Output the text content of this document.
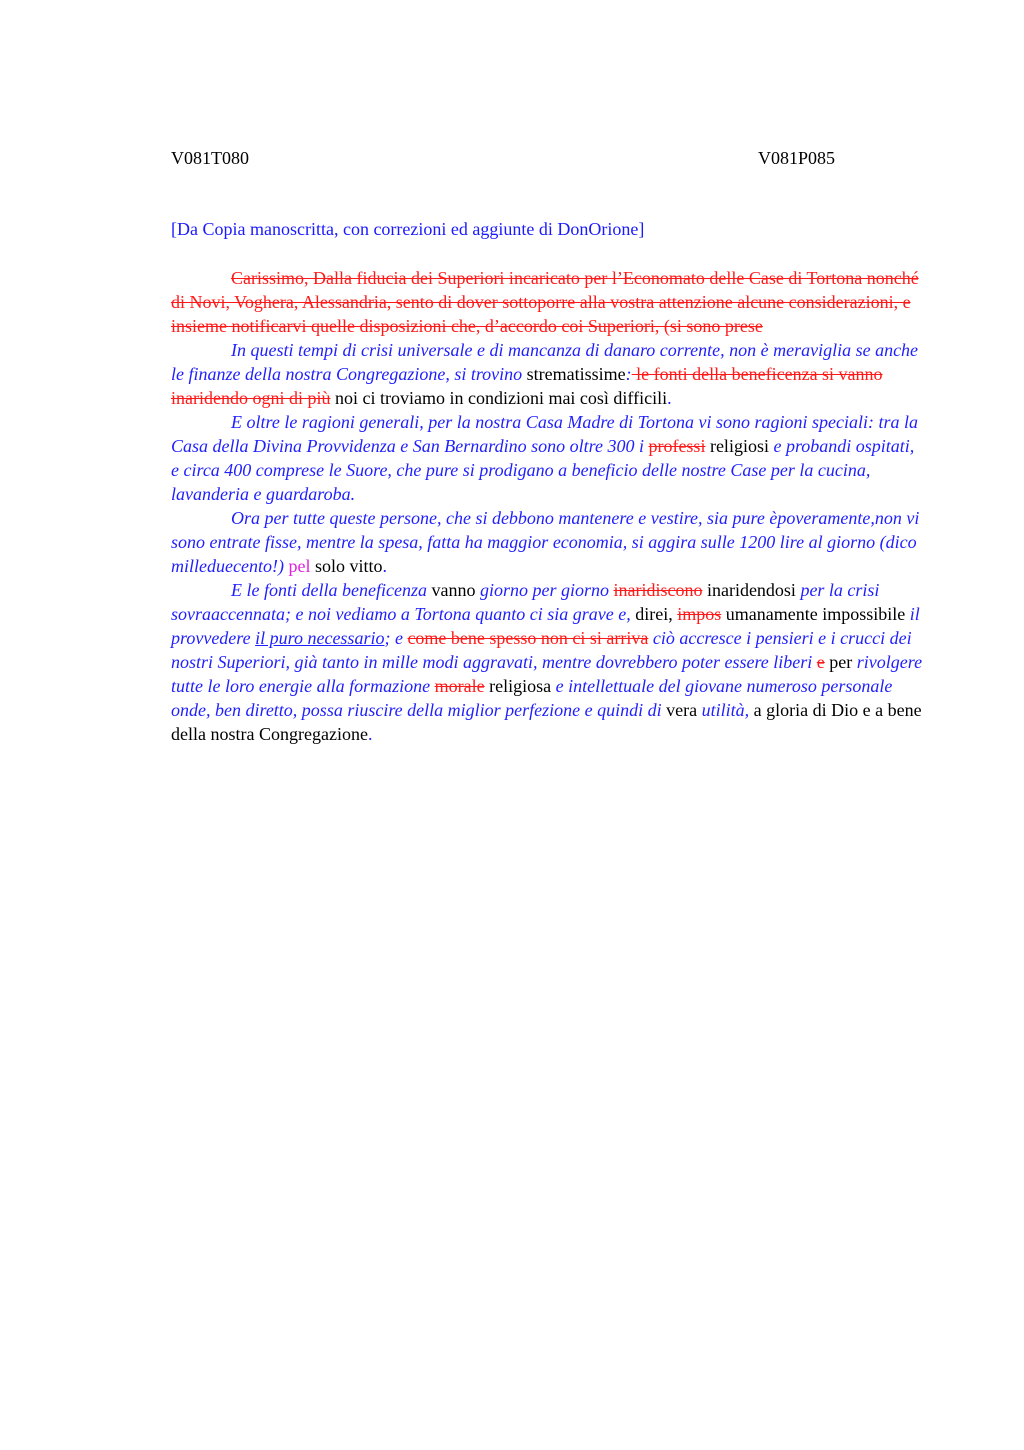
V081T080	V081P085
[Da Copia manoscritta, con correzioni ed aggiunte di DonOrione]

Carissimo, Dalla fiducia dei Superiori incaricato per l’Economato delle Case di Tortona nonché di Novi, Voghera, Alessandria, sento di dover sottoporre alla vostra attenzione alcune considerazioni, e insieme notificarvi quelle disposizioni che, d’accordo coi Superiori, (si sono prese

In questi tempi di crisi universale e di mancanza di danaro corrente, non è meraviglia se anche le finanze della nostra Congregazione, si trovino strematissime: le fonti della beneficenza si vanno inaridendo ogni di più noi ci troviamo in condizioni mai così difficili.

E oltre le ragioni generali, per la nostra Casa Madre di Tortona vi sono ragioni speciali: tra la Casa della Divina Provvidenza e San Bernardino sono oltre 300 i professi religiosi e probandi ospitati, e circa 400 comprese le Suore, che pure si prodigano a beneficio delle nostre Case per la cucina, lavanderia e guardaroba.

Ora per tutte queste persone, che si debbono mantenere e vestire, sia pure èpoveramente,non vi sono entrate fisse, mentre la spesa, fatta ha maggior economia, si aggira sulle 1200 lire al giorno (dico milleduecento!) pel solo vitto.

E le fonti della beneficenza vanno giorno per giorno inaridiscono inaridendosi per la crisi sovraaccennata; e noi vediamo a Tortona quanto ci sia grave e, direi, impos umanamente impossibile il provvedere il puro necessario; e come bene spesso non ci si arriva ciò accresce i pensieri e i crucci dei nostri Superiori, già tanto in mille modi aggravati, mentre dovrebbero poter essere liberi e per rivolgere tutte le loro energie alla formazione morale religiosa e intellettuale del giovane numeroso personale onde, ben diretto, possa riuscire della miglior perfezione e quindi di vera utilità, a gloria di Dio e a bene della nostra Congregazione.
